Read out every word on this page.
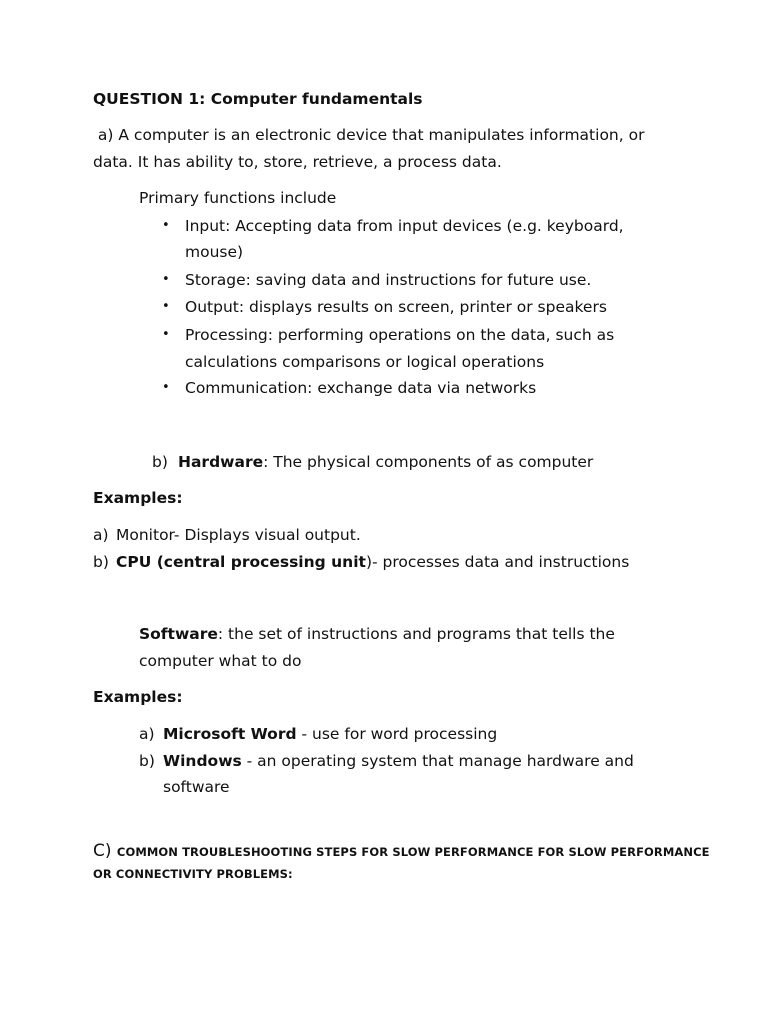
QUESTION 1: Computer fundamentals
a) A computer is an electronic device that manipulates information, or
data. It has ability to, store, retrieve, a process data.
Primary functions include
• Input: Accepting data from input devices (e.g. keyboard,
mouse)
• Storage: saving data and instructions for future use.
• Output: displays results on screen, printer or speakers
• Processing: performing operations on the data, such as
calculations comparisons or logical operations
• Communication: exchange data via networks
b) Hardware: The physical components of as computer
Examples:
a) Monitor- Displays visual output.
b) CPU (central processing unit)- processes data and instructions
Software: the set of instructions and programs that tells the
computer what to do
Examples:
a) Microsoft Word - use for word processing
b) Windows - an operating system that manage hardware and
software
C) COMMON TROUBLESHOOTING STEPS FOR SLOW PERFORMANCE FOR SLOW PERFORMANCE
OR CONNECTIVITY PROBLEMS:
